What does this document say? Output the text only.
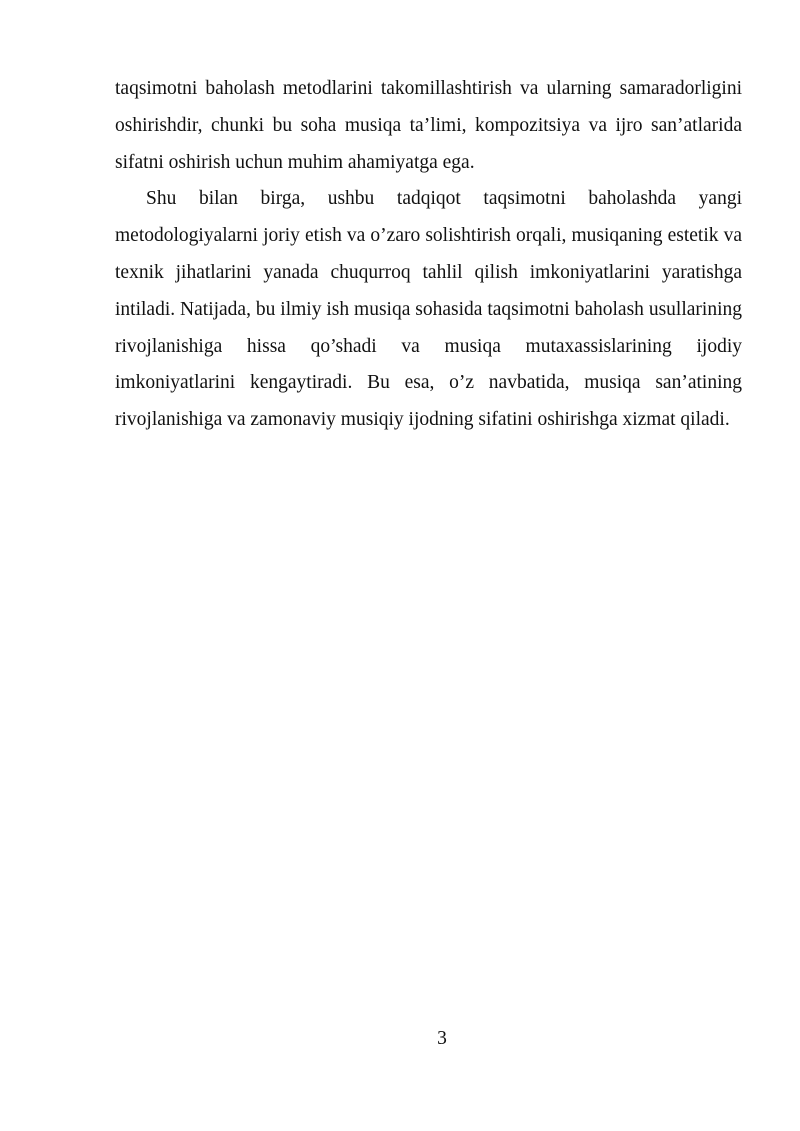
taqsimotni baholash metodlarini takomillashtirish va ularning samaradorligini oshirishdir, chunki bu soha musiqa ta’limi, kompozitsiya va ijro san’atlarida sifatni oshirish uchun muhim ahamiyatga ega.

Shu bilan birga, ushbu tadqiqot taqsimotni baholashda yangi metodologiyalarni joriy etish va o’zaro solishtirish orqali, musiqaning estetik va texnik jihatlarini yanada chuqurroq tahlil qilish imkoniyatlarini yaratishga intiladi. Natijada, bu ilmiy ish musiqa sohasida taqsimotni baholash usullarining rivojlanishiga hissa qo’shadi va musiqa mutaxassislarining ijodiy imkoniyatlarini kengaytiradi. Bu esa, o’z navbatida, musiqa san’atining rivojlanishiga va zamonaviy musiqiy ijodning sifatini oshirishga xizmat qiladi.

3
